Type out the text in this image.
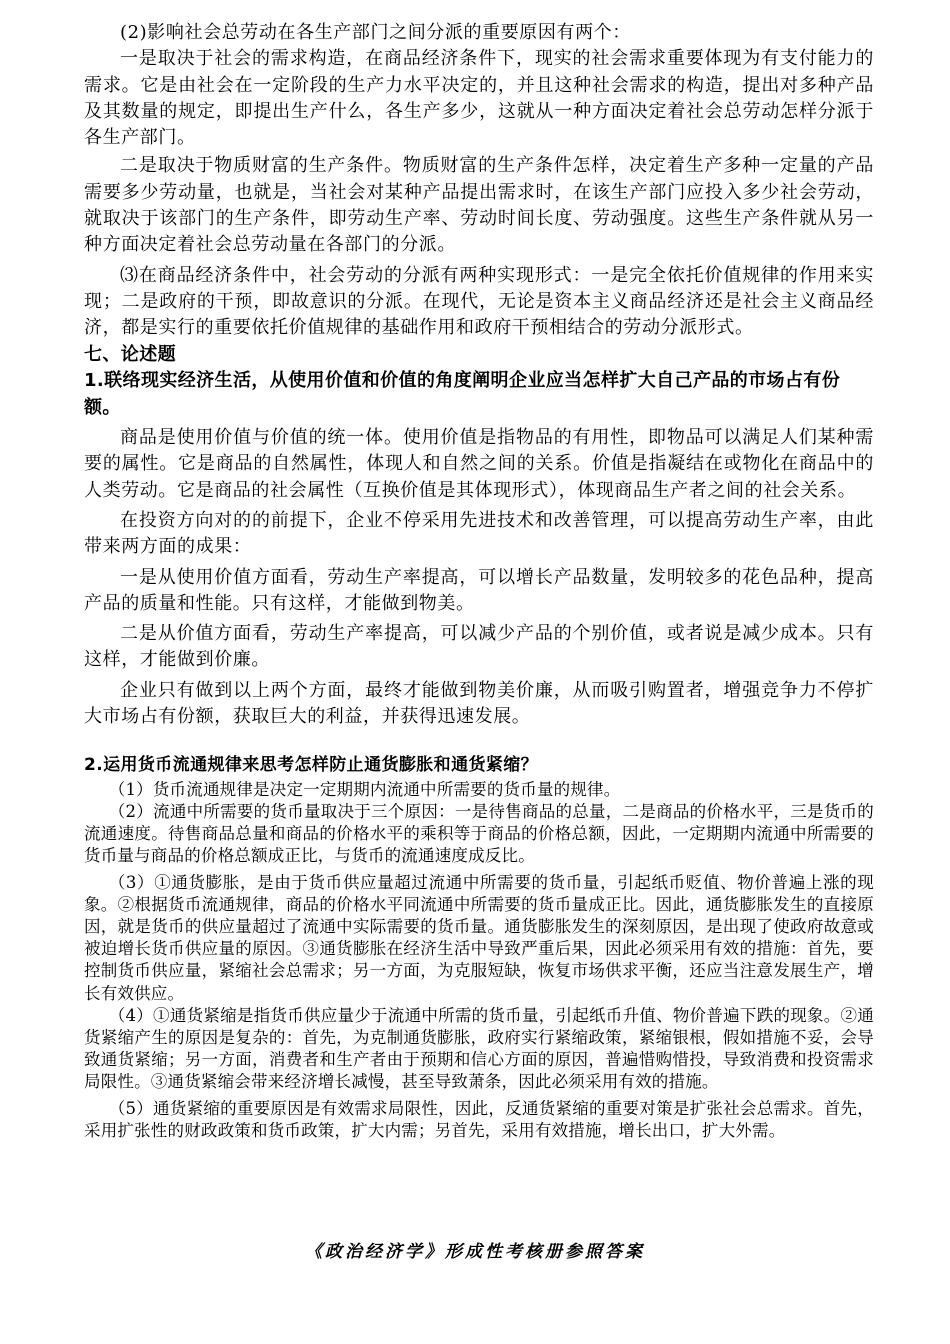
(2)影响社会总劳动在各生产部门之间分派的重要原因有两个：

一是取决于社会的需求构造，在商品经济条件下，现实的社会需求重要体现为有支付能力的需求。它是由社会在一定阶段的生产力水平决定的，并且这种社会需求的构造，提出对多种产品及其数量的规定，即提出生产什么，各生产多少，这就从一种方面决定着社会总劳动怎样分派于各生产部门。

二是取决于物质财富的生产条件。物质财富的生产条件怎样，决定着生产多种一定量的产品需要多少劳动量，也就是，当社会对某种产品提出需求时，在该生产部门应投入多少社会劳动，就取决于该部门的生产条件，即劳动生产率、劳动时间长度、劳动强度。这些生产条件就从另一种方面决定着社会总劳动量在各部门的分派。

⑶在商品经济条件中，社会劳动的分派有两种实现形式：一是完全依托价值规律的作用来实现；二是政府的干预，即故意识的分派。在现代，无论是资本主义商品经济还是社会主义商品经济，都是实行的重要依托价值规律的基础作用和政府干预相结合的劳动分派形式。

七、论述题

1.联络现实经济生活，从使用价值和价值的角度阐明企业应当怎样扩大自己产品的市场占有份额。

商品是使用价值与价值的统一体。使用价值是指物品的有用性，即物品可以满足人们某种需要的属性。它是商品的自然属性，体现人和自然之间的关系。价值是指凝结在或物化在商品中的人类劳动。它是商品的社会属性（互换价值是其体现形式），体现商品生产者之间的社会关系。

在投资方向对的的前提下，企业不停采用先进技术和改善管理，可以提高劳动生产率，由此带来两方面的成果：

一是从使用价值方面看，劳动生产率提高，可以增长产品数量，发明较多的花色品种，提高产品的质量和性能。只有这样，才能做到物美。

二是从价值方面看，劳动生产率提高，可以减少产品的个别价值，或者说是减少成本。只有这样，才能做到价廉。

企业只有做到以上两个方面，最终才能做到物美价廉，从而吸引购置者，增强竞争力不停扩大市场占有份额，获取巨大的利益，并获得迅速发展。

2.运用货币流通规律来思考怎样防止通货膨胀和通货紧缩？

（1）货币流通规律是决定一定期期内流通中所需要的货币量的规律。

（2）流通中所需要的货币量取决于三个原因：一是待售商品的总量，二是商品的价格水平，三是货币的流通速度。待售商品总量和商品的价格水平的乘积等于商品的价格总额，因此，一定期期内流通中所需要的货币量与商品的价格总额成正比，与货币的流通速度成反比。

（3）①通货膨胀，是由于货币供应量超过流通中所需要的货币量，引起纸币贬值、物价普遍上涨的现象。②根据货币流通规律，商品的价格水平同流通中所需要的货币量成正比。因此，通货膨胀发生的直接原因，就是货币的供应量超过了流通中实际需要的货币量。通货膨胀发生的深刻原因，是出现了使政府故意或被迫增长货币供应量的原因。③通货膨胀在经济生活中导致严重后果，因此必须采用有效的措施：首先，要控制货币供应量，紧缩社会总需求；另一方面，为克服短缺，恢复市场供求平衡，还应当注意发展生产，增长有效供应。

（4）①通货紧缩是指货币供应量少于流通中所需的货币量，引起纸币升值、物价普遍下跌的现象。②通货紧缩产生的原因是复杂的：首先，为克制通货膨胀，政府实行紧缩政策，紧缩银根，假如措施不妥，会导致通货紧缩；另一方面，消费者和生产者由于预期和信心方面的原因，普遍惜购惜投，导致消费和投资需求局限性。③通货紧缩会带来经济增长减慢，甚至导致萧条，因此必须采用有效的措施。

（5）通货紧缩的重要原因是有效需求局限性，因此，反通货紧缩的重要对策是扩张社会总需求。首先，采用扩张性的财政政策和货币政策，扩大内需；另首先，采用有效措施，增长出口，扩大外需。

《政治经济学》形成性考核册参照答案
